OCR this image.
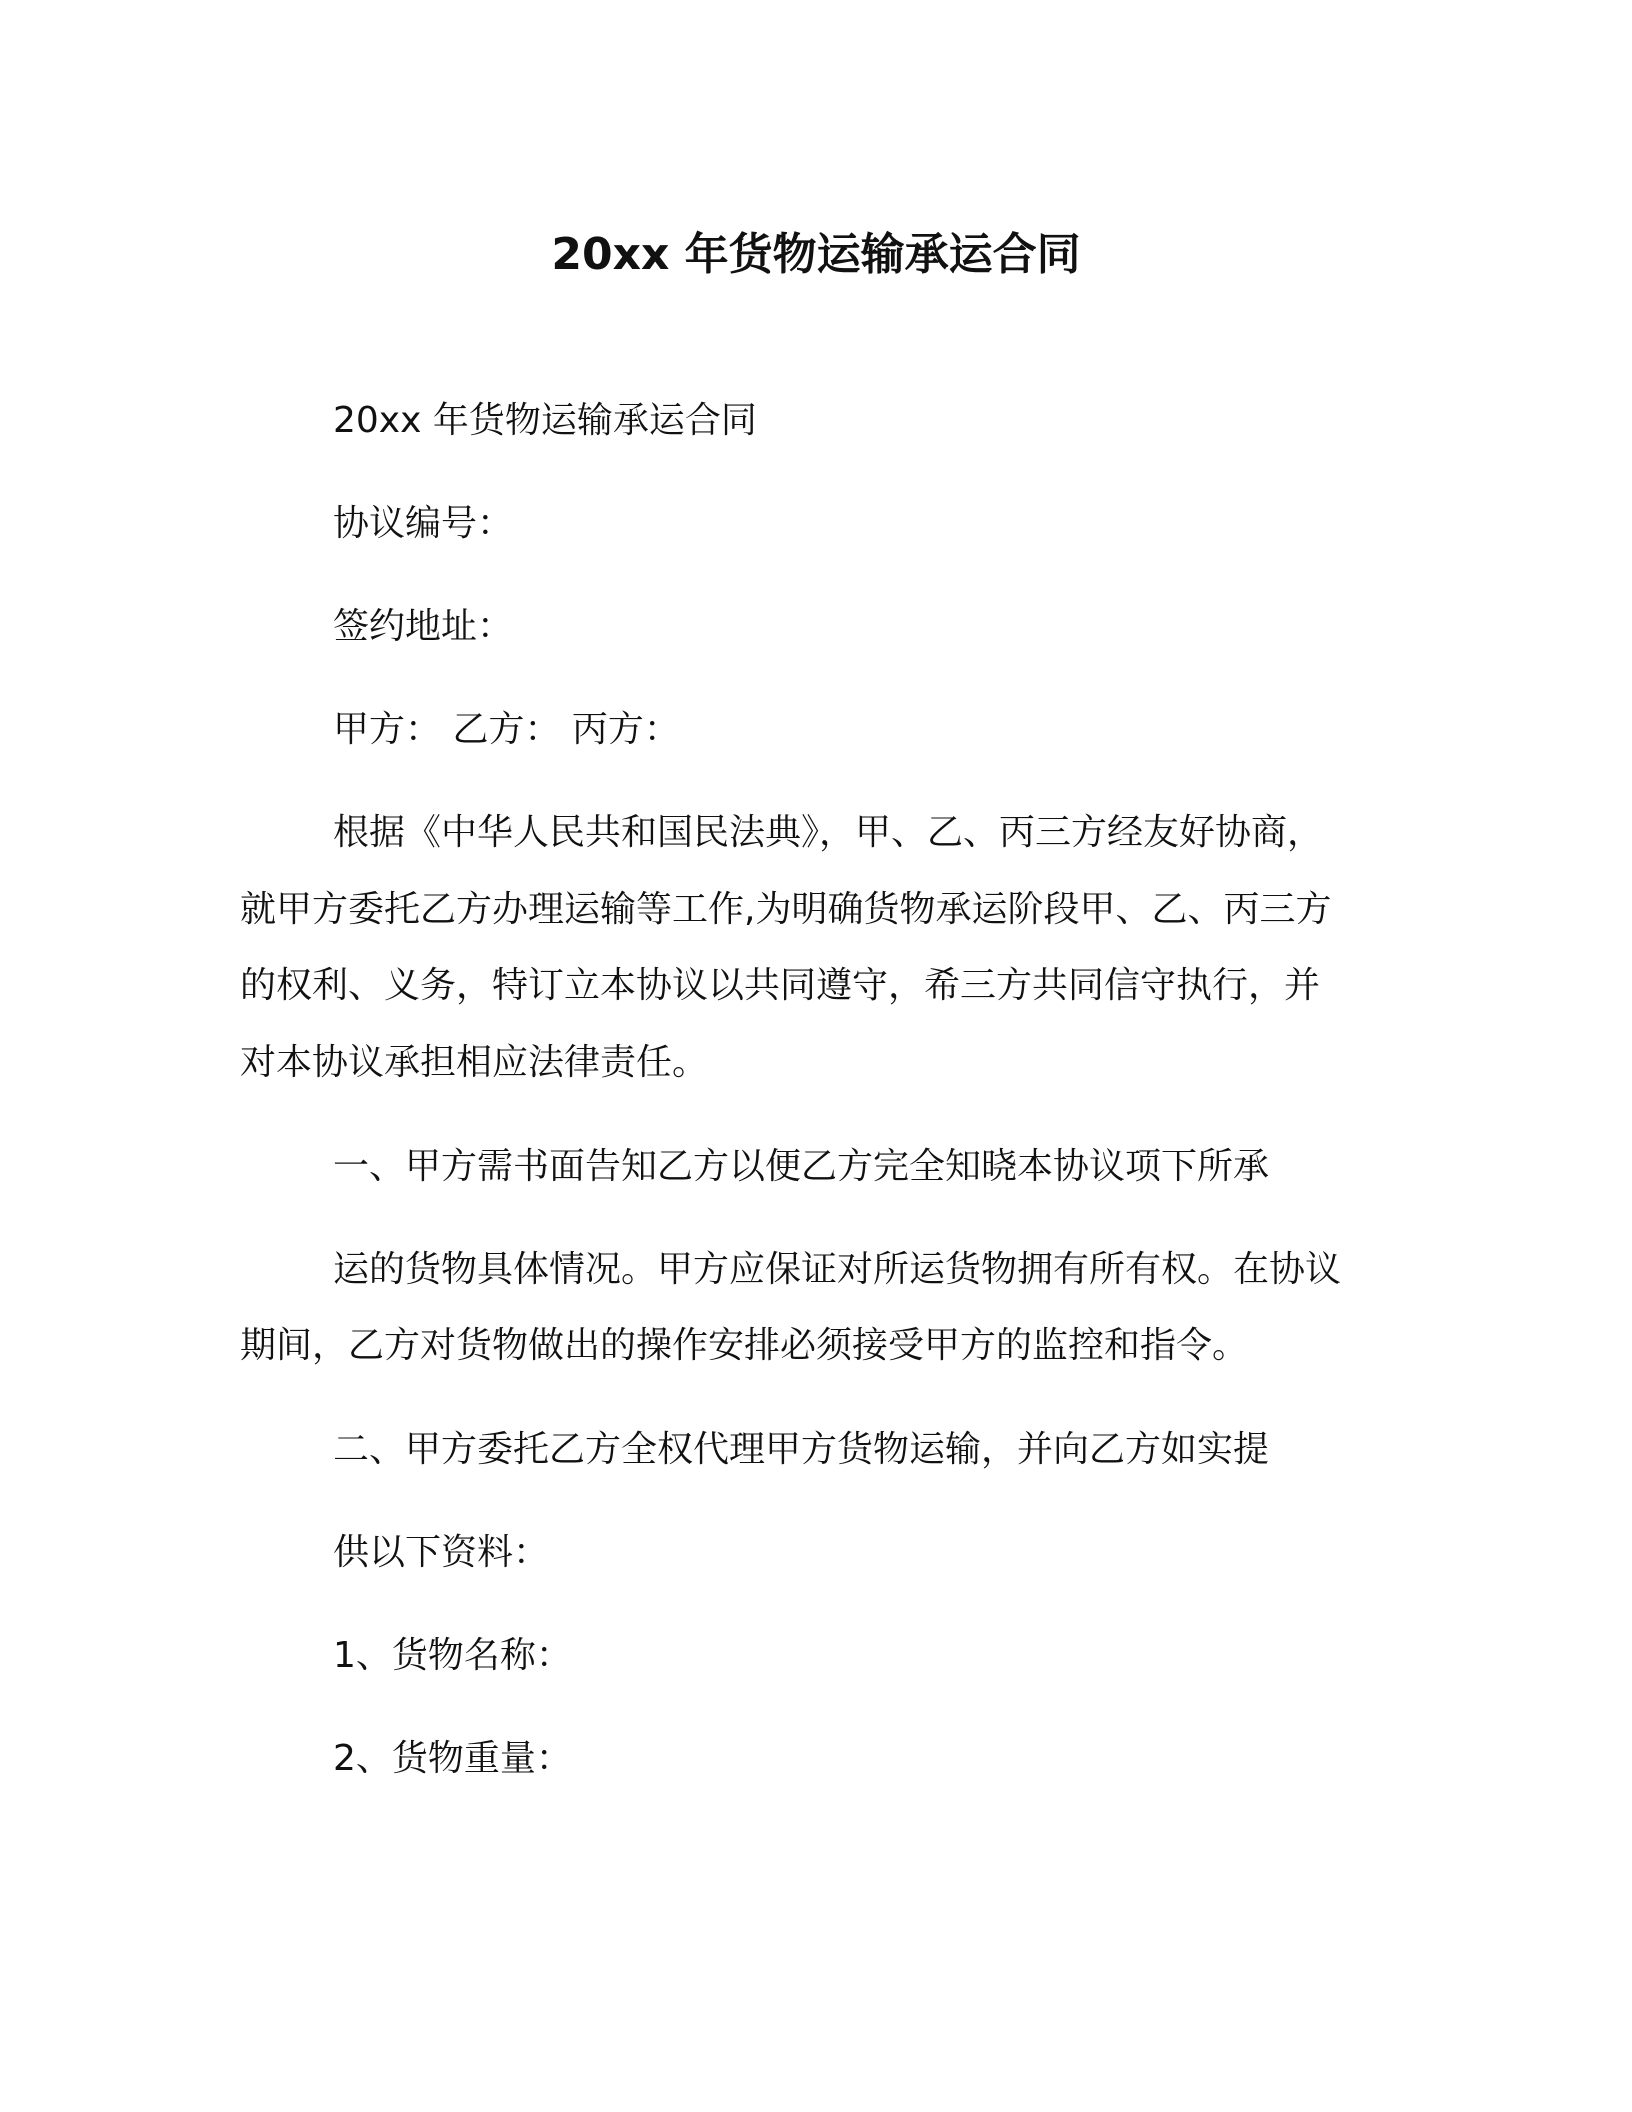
20xx 年货物运输承运合同

20xx 年货物运输承运合同

协议编号：

签约地址：

甲方： 乙方： 丙方：

根据《中华人民共和国民法典》，甲、乙、丙三方经友好协商，

就甲方委托乙方办理运输等工作,为明确货物承运阶段甲、乙、丙三方

的权利、义务，特订立本协议以共同遵守，希三方共同信守执行，并

对本协议承担相应法律责任。

一、甲方需书面告知乙方以便乙方完全知晓本协议项下所承

运的货物具体情况。甲方应保证对所运货物拥有所有权。在协议

期间，乙方对货物做出的操作安排必须接受甲方的监控和指令。

二、甲方委托乙方全权代理甲方货物运输，并向乙方如实提

供以下资料：

1、货物名称：

2、货物重量：
